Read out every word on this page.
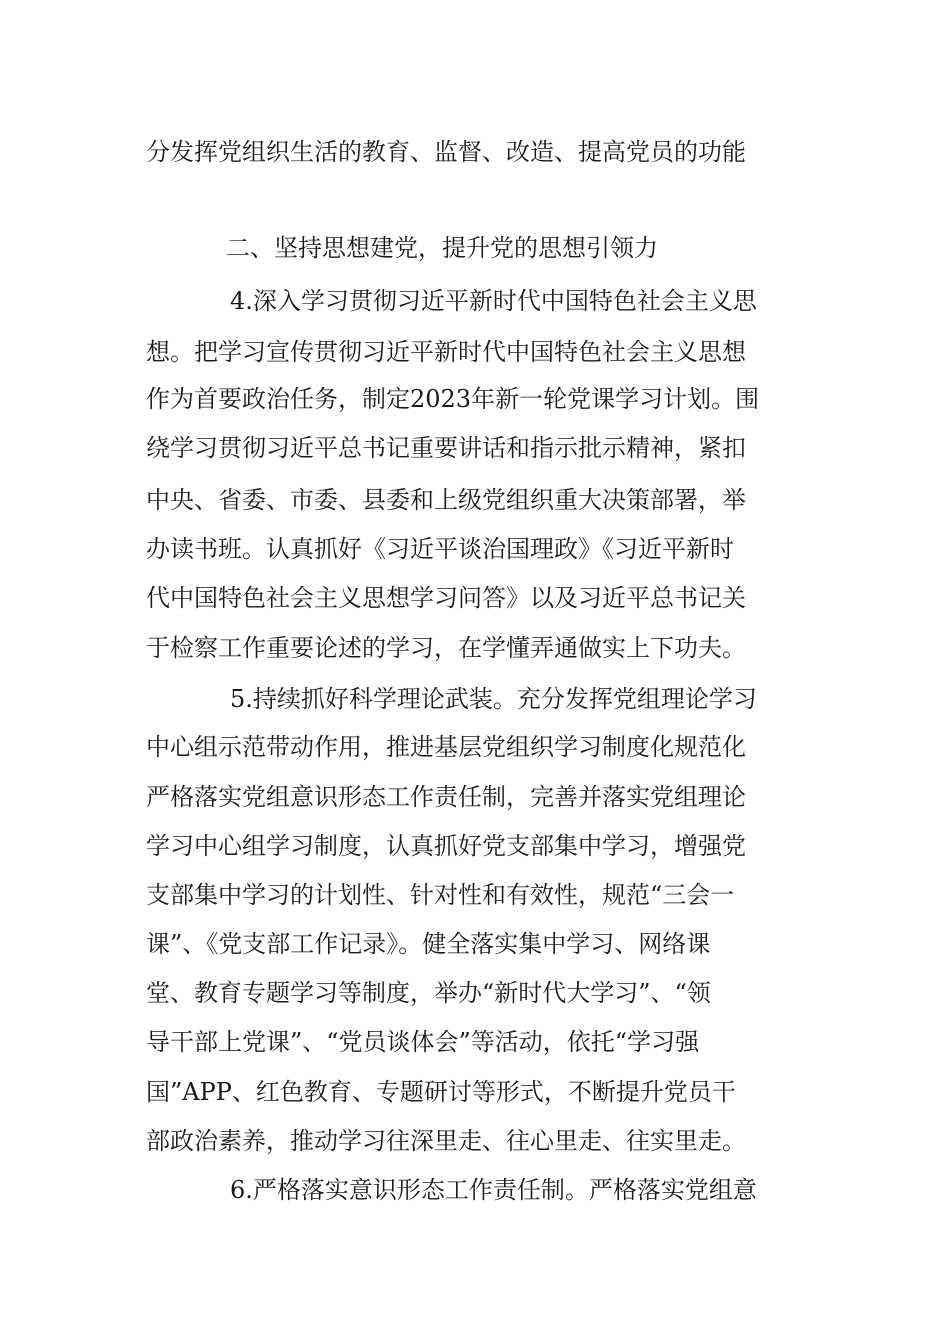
分发挥党组织生活的教育、监督、改造、提高党员的功能
二、坚持思想建党，提升党的思想引领力
4.深入学习贯彻习近平新时代中国特色社会主义思
想。把学习宣传贯彻习近平新时代中国特色社会主义思想
作为首要政治任务，制定2023年新一轮党课学习计划。围
绕学习贯彻习近平总书记重要讲话和指示批示精神，紧扣
中央、省委、市委、县委和上级党组织重大决策部署，举
办读书班。认真抓好《习近平谈治国理政》《习近平新时
代中国特色社会主义思想学习问答》以及习近平总书记关
于检察工作重要论述的学习，在学懂弄通做实上下功夫。
5.持续抓好科学理论武装。充分发挥党组理论学习
中心组示范带动作用，推进基层党组织学习制度化规范化
严格落实党组意识形态工作责任制，完善并落实党组理论
学习中心组学习制度，认真抓好党支部集中学习，增强党
支部集中学习的计划性、针对性和有效性，规范“三会一
课”、《党支部工作记录》。健全落实集中学习、网络课
堂、教育专题学习等制度，举办“新时代大学习”、“领
导干部上党课”、“党员谈体会”等活动，依托“学习强
国”APP、红色教育、专题研讨等形式，不断提升党员干
部政治素养，推动学习往深里走、往心里走、往实里走。
6.严格落实意识形态工作责任制。严格落实党组意
